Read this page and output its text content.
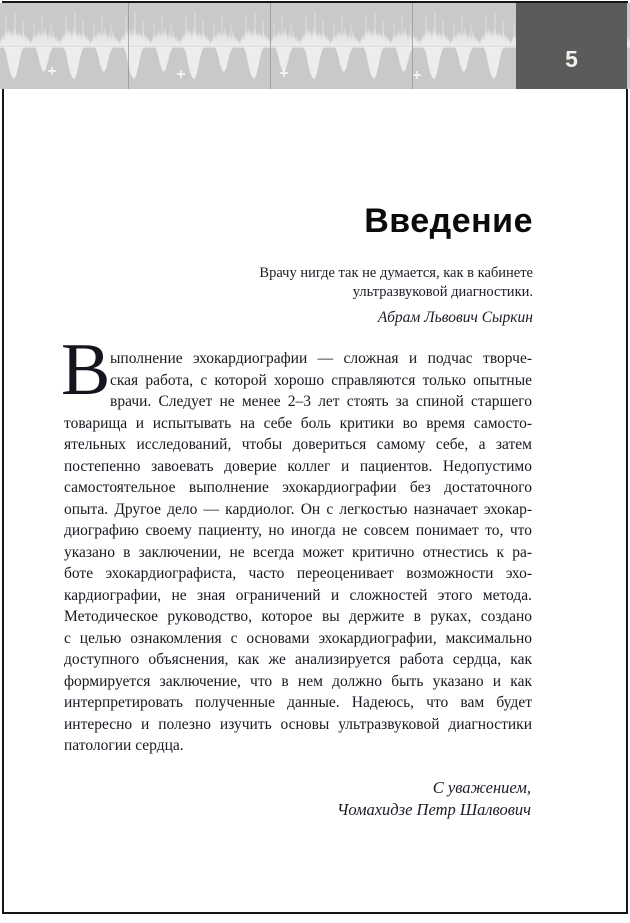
5
Введение
Врачу нигде так не думается, как в кабинете
ультразвуковой диагностики.
Абрам Львович Сыркин
В ыполнение эхокардиографии — сложная и подчас творче-
ская работа, с которой хорошо справляются только опытные
врачи. Следует не менее 2–3 лет стоять за спиной старшего
товарища и испытывать на себе боль критики во время самосто-
ятельных исследований, чтобы довериться самому себе, а затем
постепенно завоевать доверие коллег и пациентов. Недопустимо
самостоятельное выполнение эхокардиографии без достаточного
опыта. Другое дело — кардиолог. Он с легкостью назначает эхокар-
диографию своему пациенту, но иногда не совсем понимает то, что
указано в заключении, не всегда может критично отнестись к ра-
боте эхокардиографиста, часто переоценивает возможности эхо-
кардиографии, не зная ограничений и сложностей этого метода.
Методическое руководство, которое вы держите в руках, создано
с целью ознакомления с основами эхокардиографии, максимально
доступного объяснения, как же анализируется работа сердца, как
формируется заключение, что в нем должно быть указано и как
интерпретировать полученные данные. Надеюсь, что вам будет
интересно и полезно изучить основы ультразвуковой диагностики
патологии сердца.
С уважением,
Чомахидзе Петр Шалвович
